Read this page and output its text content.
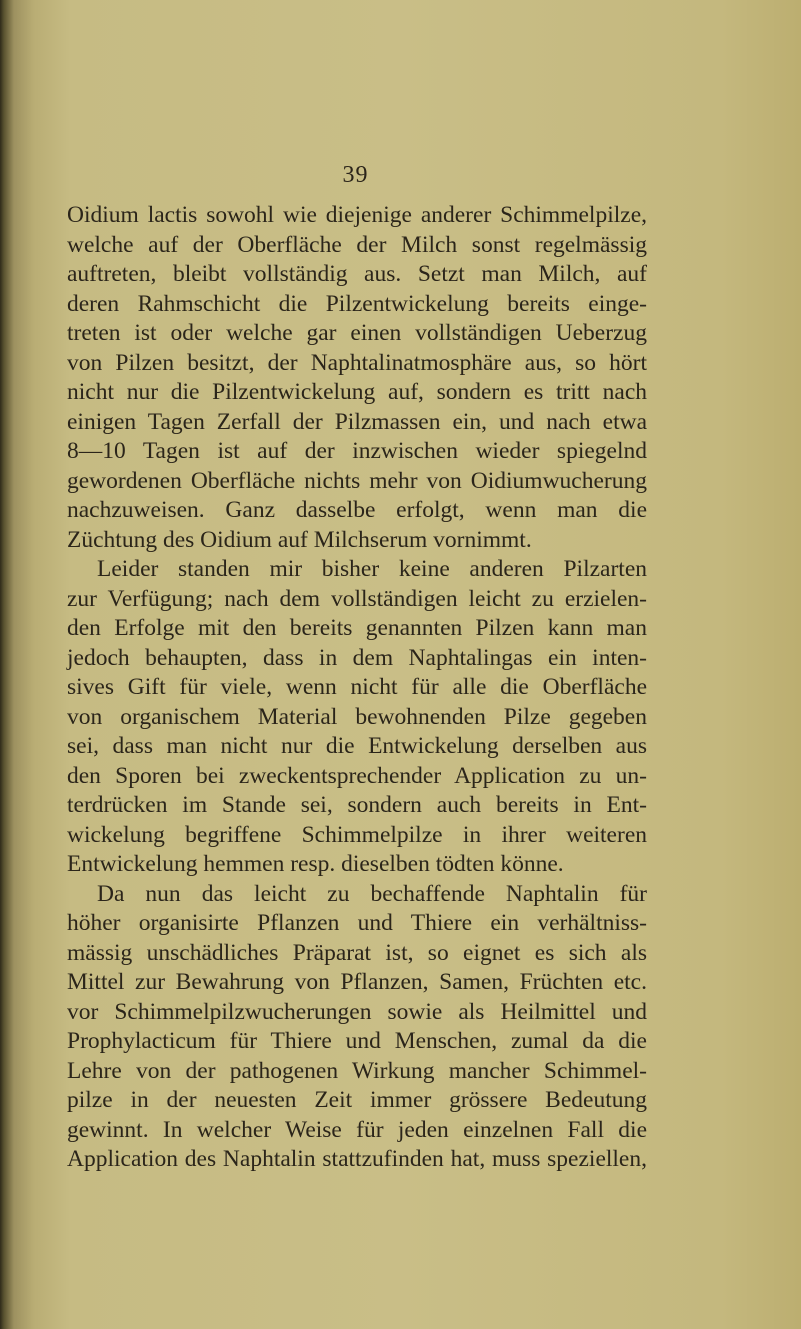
39
Oidium lactis sowohl wie diejenige anderer Schimmelpilze,
welche auf der Oberfläche der Milch sonst regelmässig
auftreten, bleibt vollständig aus. Setzt man Milch, auf
deren Rahmschicht die Pilzentwickelung bereits einge-
treten ist oder welche gar einen vollständigen Ueberzug
von Pilzen besitzt, der Naphtalinatmosphäre aus, so hört
nicht nur die Pilzentwickelung auf, sondern es tritt nach
einigen Tagen Zerfall der Pilzmassen ein, und nach etwa
8—10 Tagen ist auf der inzwischen wieder spiegelnd
gewordenen Oberfläche nichts mehr von Oidiumwucherung
nachzuweisen. Ganz dasselbe erfolgt, wenn man die
Züchtung des Oidium auf Milchserum vornimmt.
Leider standen mir bisher keine anderen Pilzarten
zur Verfügung; nach dem vollständigen leicht zu erzielen-
den Erfolge mit den bereits genannten Pilzen kann man
jedoch behaupten, dass in dem Naphtalingas ein inten-
sives Gift für viele, wenn nicht für alle die Oberfläche
von organischem Material bewohnenden Pilze gegeben
sei, dass man nicht nur die Entwickelung derselben aus
den Sporen bei zweckentsprechender Application zu un-
terdrücken im Stande sei, sondern auch bereits in Ent-
wickelung begriffene Schimmelpilze in ihrer weiteren
Entwickelung hemmen resp. dieselben tödten könne.
Da nun das leicht zu bechaffende Naphtalin für
höher organisirte Pflanzen und Thiere ein verhältniss-
mässig unschädliches Präparat ist, so eignet es sich als
Mittel zur Bewahrung von Pflanzen, Samen, Früchten etc.
vor Schimmelpilzwucherungen sowie als Heilmittel und
Prophylacticum für Thiere und Menschen, zumal da die
Lehre von der pathogenen Wirkung mancher Schimmel-
pilze in der neuesten Zeit immer grössere Bedeutung
gewinnt. In welcher Weise für jeden einzelnen Fall die
Application des Naphtalin stattzufinden hat, muss speziellen,
